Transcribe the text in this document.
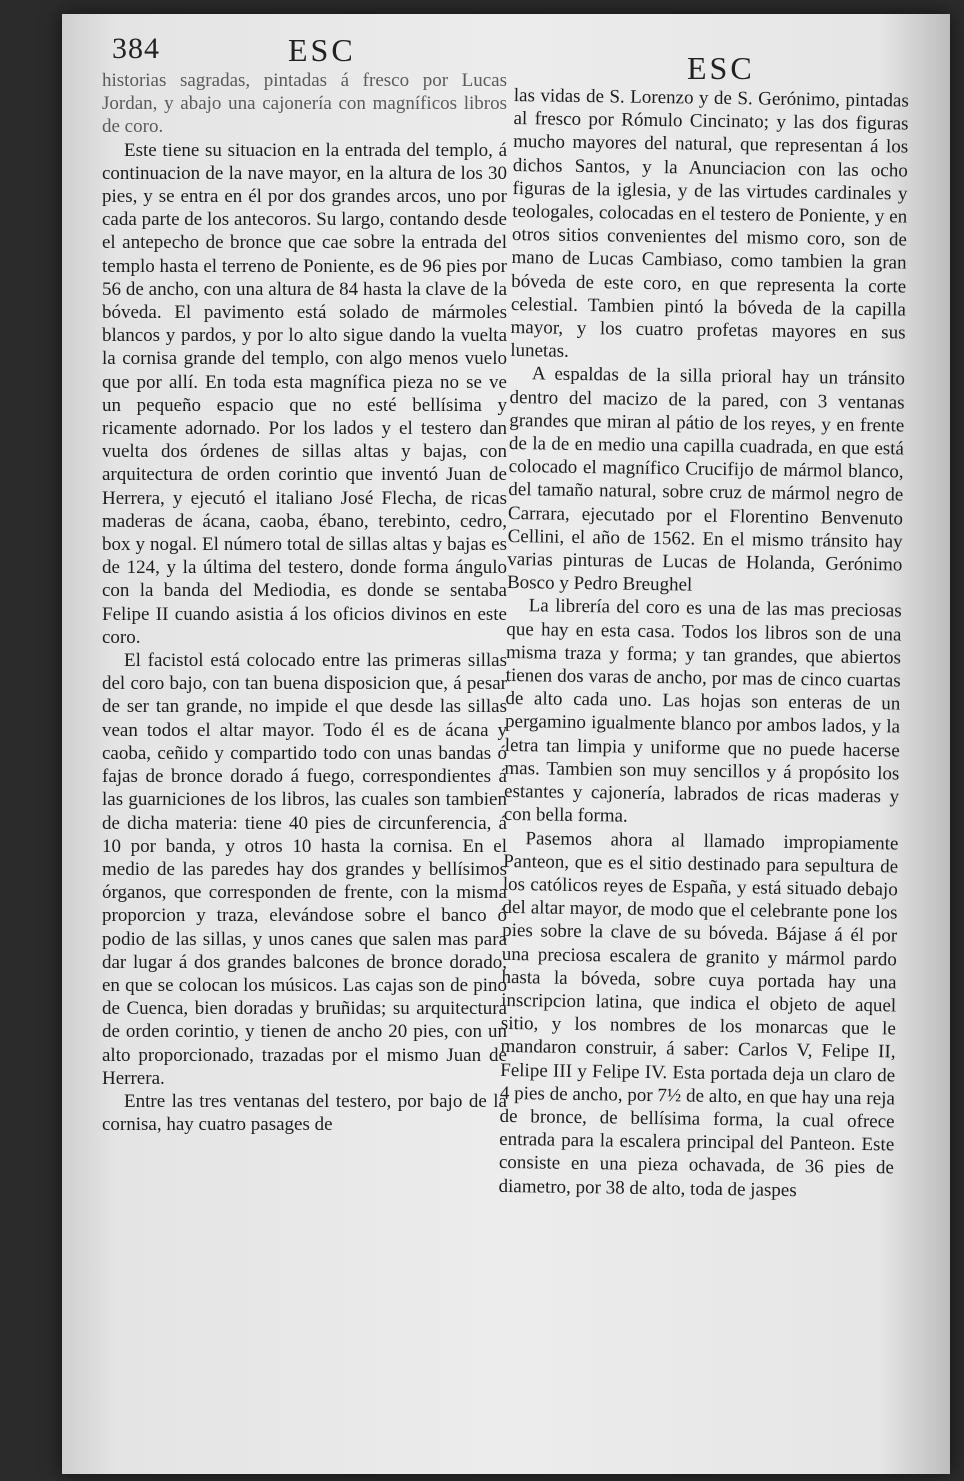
384	ESC	ESC

historias sagradas, pintadas á fresco por Lucas Jordan, y abajo una cajonería con magníficos libros de coro.

Este tiene su situacion en la entrada del templo, á continuacion de la nave mayor, en la altura de los 30 pies, y se entra en él por dos grandes arcos, uno por cada parte de los antecoros. Su largo, contando desde el antepecho de bronce que cae sobre la entrada del templo hasta el terreno de Poniente, es de 96 pies por 56 de ancho, con una altura de 84 hasta la clave de la bóveda. El pavimento está solado de mármoles blancos y pardos, y por lo alto sigue dando la vuelta la cornisa grande del templo, con algo menos vuelo que por allí. En toda esta magnífica pieza no se ve un pequeño espacio que no esté bellísima y ricamente adornado. Por los lados y el testero dan vuelta dos órdenes de sillas altas y bajas, con arquitectura de orden corintio que inventó Juan de Herrera, y ejecutó el italiano José Flecha, de ricas maderas de ácana, caoba, ébano, terebinto, cedro, box y nogal. El número total de sillas altas y bajas es de 124, y la última del testero, donde forma ángulo con la banda del Mediodia, es donde se sentaba Felipe II cuando asistia á los oficios divinos en este coro.

El facistol está colocado entre las primeras sillas del coro bajo, con tan buena disposicion que, á pesar de ser tan grande, no impide el que desde las sillas vean todos el altar mayor. Todo él es de ácana y caoba, ceñido y compartido todo con unas bandas ó fajas de bronce dorado á fuego, correspondientes á las guarniciones de los libros, las cuales son tambien de dicha materia: tiene 40 pies de circunferencia, á 10 por banda, y otros 10 hasta la cornisa. En el medio de las paredes hay dos grandes y bellísimos órganos, que corresponden de frente, con la misma proporcion y traza, elevándose sobre el banco ó podio de las sillas, y unos canes que salen mas para dar lugar á dos grandes balcones de bronce dorado, en que se colocan los músicos. Las cajas son de pino de Cuenca, bien doradas y bruñidas; su arquitectura de orden corintio, y tienen de ancho 20 pies, con un alto proporcionado, trazadas por el mismo Juan de Herrera.

Entre las tres ventanas del testero, por bajo de la cornisa, hay cuatro pasages de

las vidas de S. Lorenzo y de S. Gerónimo, pintadas al fresco por Rómulo Cincinato; y las dos figuras mucho mayores del natural, que representan á los dichos Santos, y la Anunciacion con las ocho figuras de la iglesia, y de las virtudes cardinales y teologales, colocadas en el testero de Poniente, y en otros sitios convenientes del mismo coro, son de mano de Lucas Cambiaso, como tambien la gran bóveda de este coro, en que representa la corte celestial. Tambien pintó la bóveda de la capilla mayor, y los cuatro profetas mayores en sus lunetas.

A espaldas de la silla prioral hay un tránsito dentro del macizo de la pared, con 3 ventanas grandes que miran al pátio de los reyes, y en frente de la de en medio una capilla cuadrada, en que está colocado el magnífico Crucifijo de mármol blanco, del tamaño natural, sobre cruz de mármol negro de Carrara, ejecutado por el Florentino Benvenuto Cellini, el año de 1562. En el mismo tránsito hay varias pinturas de Lucas de Holanda, Gerónimo Bosco y Pedro Breughel

La librería del coro es una de las mas preciosas que hay en esta casa. Todos los libros son de una misma traza y forma; y tan grandes, que abiertos tienen dos varas de ancho, por mas de cinco cuartas de alto cada uno. Las hojas son enteras de un pergamino igualmente blanco por ambos lados, y la letra tan limpia y uniforme que no puede hacerse mas. Tambien son muy sencillos y á propósito los estantes y cajonería, labrados de ricas maderas y con bella forma.

Pasemos ahora al llamado impropiamente Panteon, que es el sitio destinado para sepultura de los católicos reyes de España, y está situado debajo del altar mayor, de modo que el celebrante pone los pies sobre la clave de su bóveda. Bájase á él por una preciosa escalera de granito y mármol pardo hasta la bóveda, sobre cuya portada hay una inscripcion latina, que indica el objeto de aquel sitio, y los nombres de los monarcas que le mandaron construir, á saber: Carlos V, Felipe II, Felipe III y Felipe IV. Esta portada deja un claro de 4 pies de ancho, por 7½ de alto, en que hay una reja de bronce, de bellísima forma, la cual ofrece entrada para la escalera principal del Panteon. Este consiste en una pieza ochavada, de 36 pies de diametro, por 38 de alto, toda de jaspes
